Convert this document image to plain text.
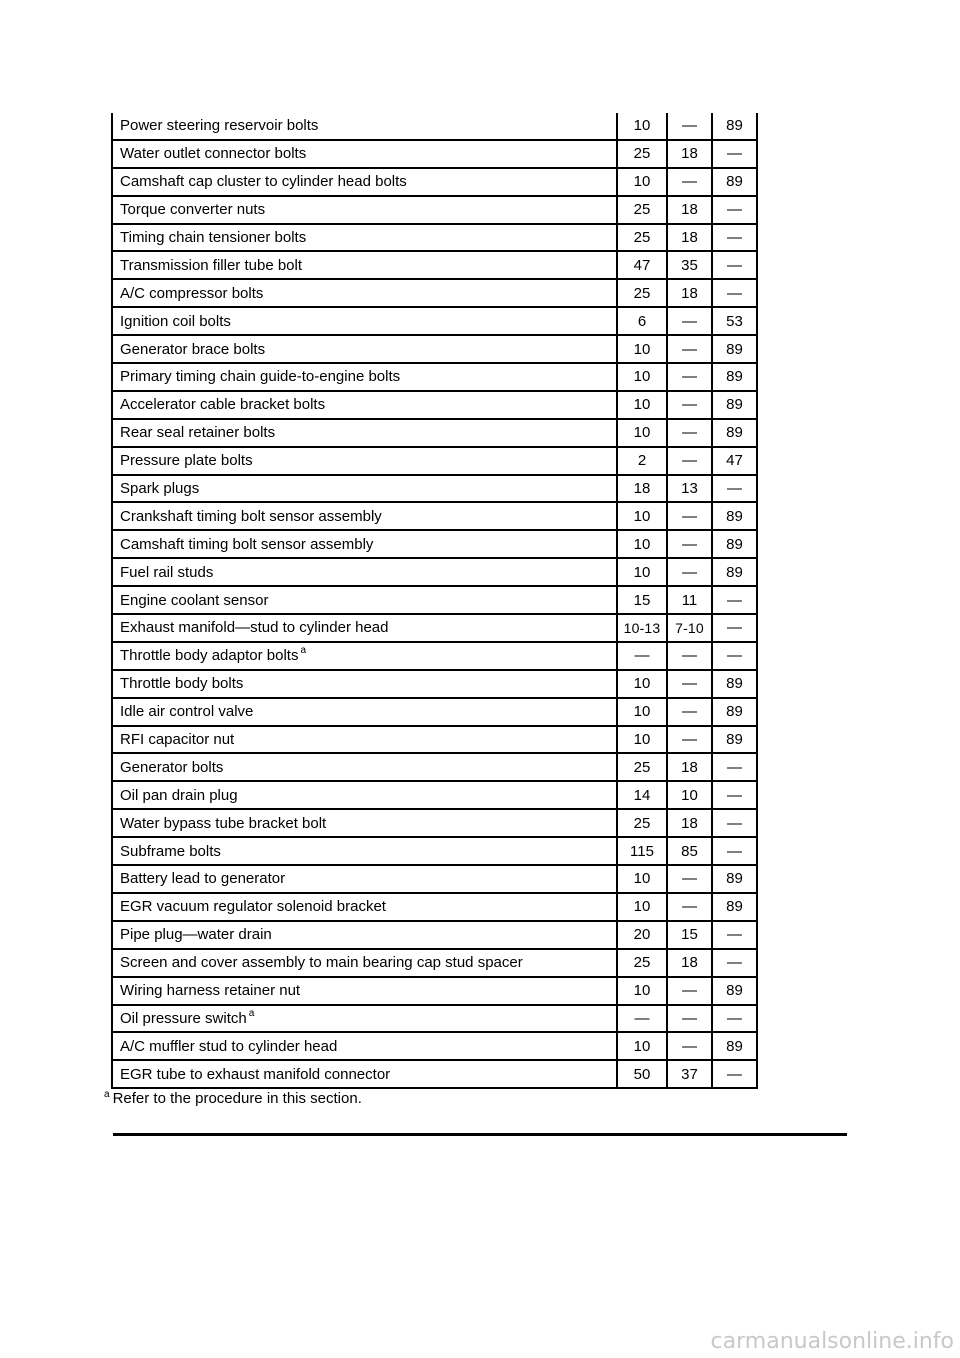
Power steering reservoir bolts	10	—	89
Water outlet connector bolts	25	18	—
Camshaft cap cluster to cylinder head bolts	10	—	89
Torque converter nuts	25	18	—
Timing chain tensioner bolts	25	18	—
Transmission filler tube bolt	47	35	—
A/C compressor bolts	25	18	—
Ignition coil bolts	6	—	53
Generator brace bolts	10	—	89
Primary timing chain guide-to-engine bolts	10	—	89
Accelerator cable bracket bolts	10	—	89
Rear seal retainer bolts	10	—	89
Pressure plate bolts	2	—	47
Spark plugs	18	13	—
Crankshaft timing bolt sensor assembly	10	—	89
Camshaft timing bolt sensor assembly	10	—	89
Fuel rail studs	10	—	89
Engine coolant sensor	15	11	—
Exhaust manifold—stud to cylinder head	10-13	7-10	—
Throttle body adaptor bolts $^a$	—	—	—
Throttle body bolts	10	—	89
Idle air control valve	10	—	89
RFI capacitor nut	10	—	89
Generator bolts	25	18	—
Oil pan drain plug	14	10	—
Water bypass tube bracket bolt	25	18	—
Subframe bolts	115	85	—
Battery lead to generator	10	—	89
EGR vacuum regulator solenoid bracket	10	—	89
Pipe plug—water drain	20	15	—
Screen and cover assembly to main bearing cap stud spacer	25	18	—
Wiring harness retainer nut	10	—	89
Oil pressure switch $^a$	—	—	—
A/C muffler stud to cylinder head	10	—	89
EGR tube to exhaust manifold connector	50	37	—
$^a$ Refer to the procedure in this section.
carmanualsonline.info
